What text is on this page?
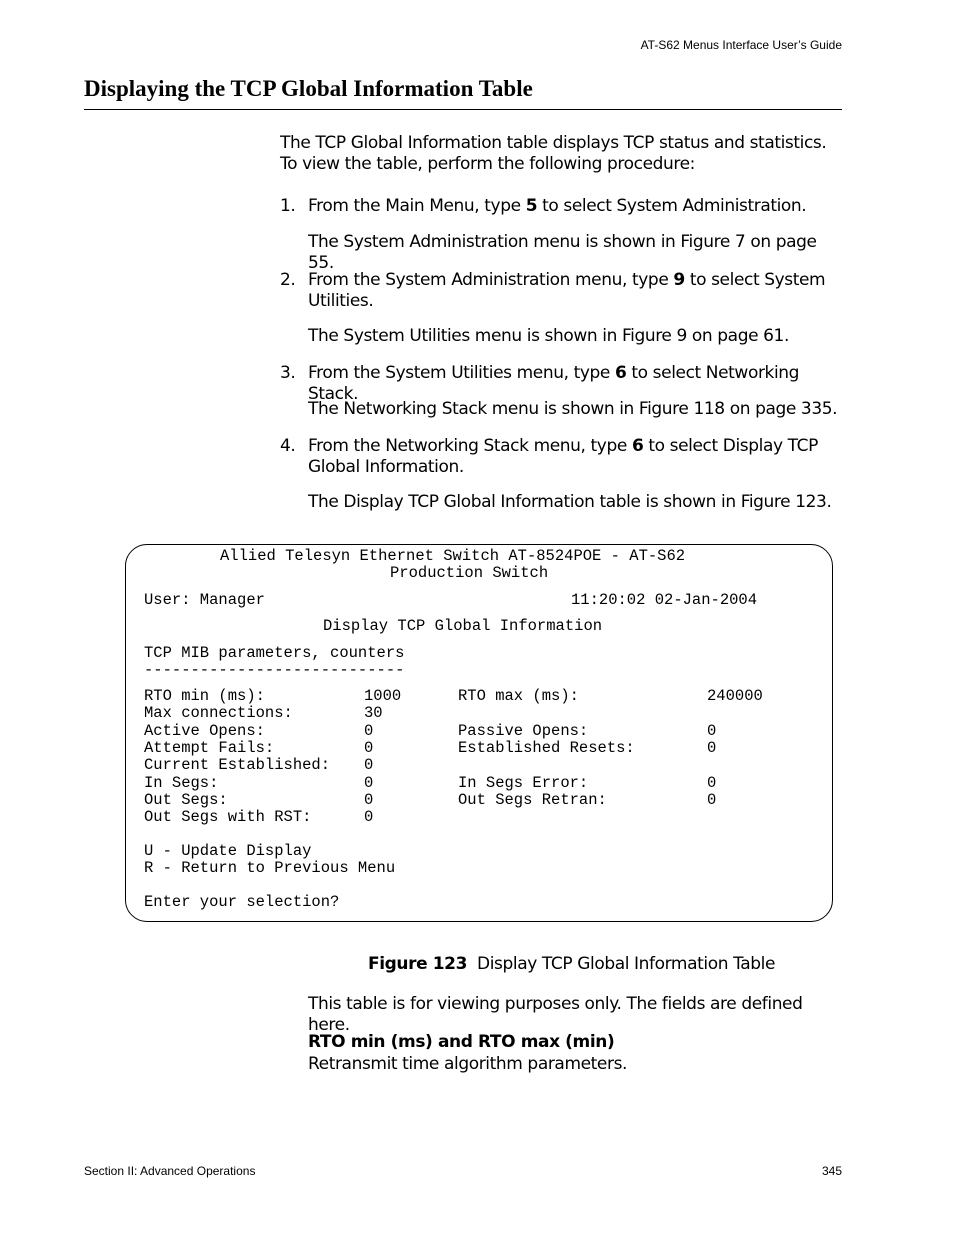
AT-S62 Menus Interface User’s Guide
Displaying the TCP Global Information Table
The TCP Global Information table displays TCP status and statistics. To view the table, perform the following procedure:
1. From the Main Menu, type 5 to select System Administration.
The System Administration menu is shown in Figure 7 on page 55.
2. From the System Administration menu, type 9 to select System Utilities.
The System Utilities menu is shown in Figure 9 on page 61.
3. From the System Utilities menu, type 6 to select Networking Stack.
The Networking Stack menu is shown in Figure 118 on page 335.
4. From the Networking Stack menu, type 6 to select Display TCP Global Information.
The Display TCP Global Information table is shown in Figure 123.
Allied Telesyn Ethernet Switch AT-8524POE - AT-S62
Production Switch
User: Manager	11:20:02 02-Jan-2004
Display TCP Global Information
TCP MIB parameters, counters
----------------------------
RTO min (ms):	1000	RTO max (ms):	240000
Max connections:	30
Active Opens:	0	Passive Opens:	0
Attempt Fails:	0	Established Resets:	0
Current Established: 0
In Segs:	0	In Segs Error:	0
Out Segs:	0	Out Segs Retran:	0
Out Segs with RST:	0
U - Update Display
R - Return to Previous Menu
Enter your selection?
Figure 123 Display TCP Global Information Table
This table is for viewing purposes only. The fields are defined here.
RTO min (ms) and RTO max (min)
Retransmit time algorithm parameters.
Section II: Advanced Operations	345
